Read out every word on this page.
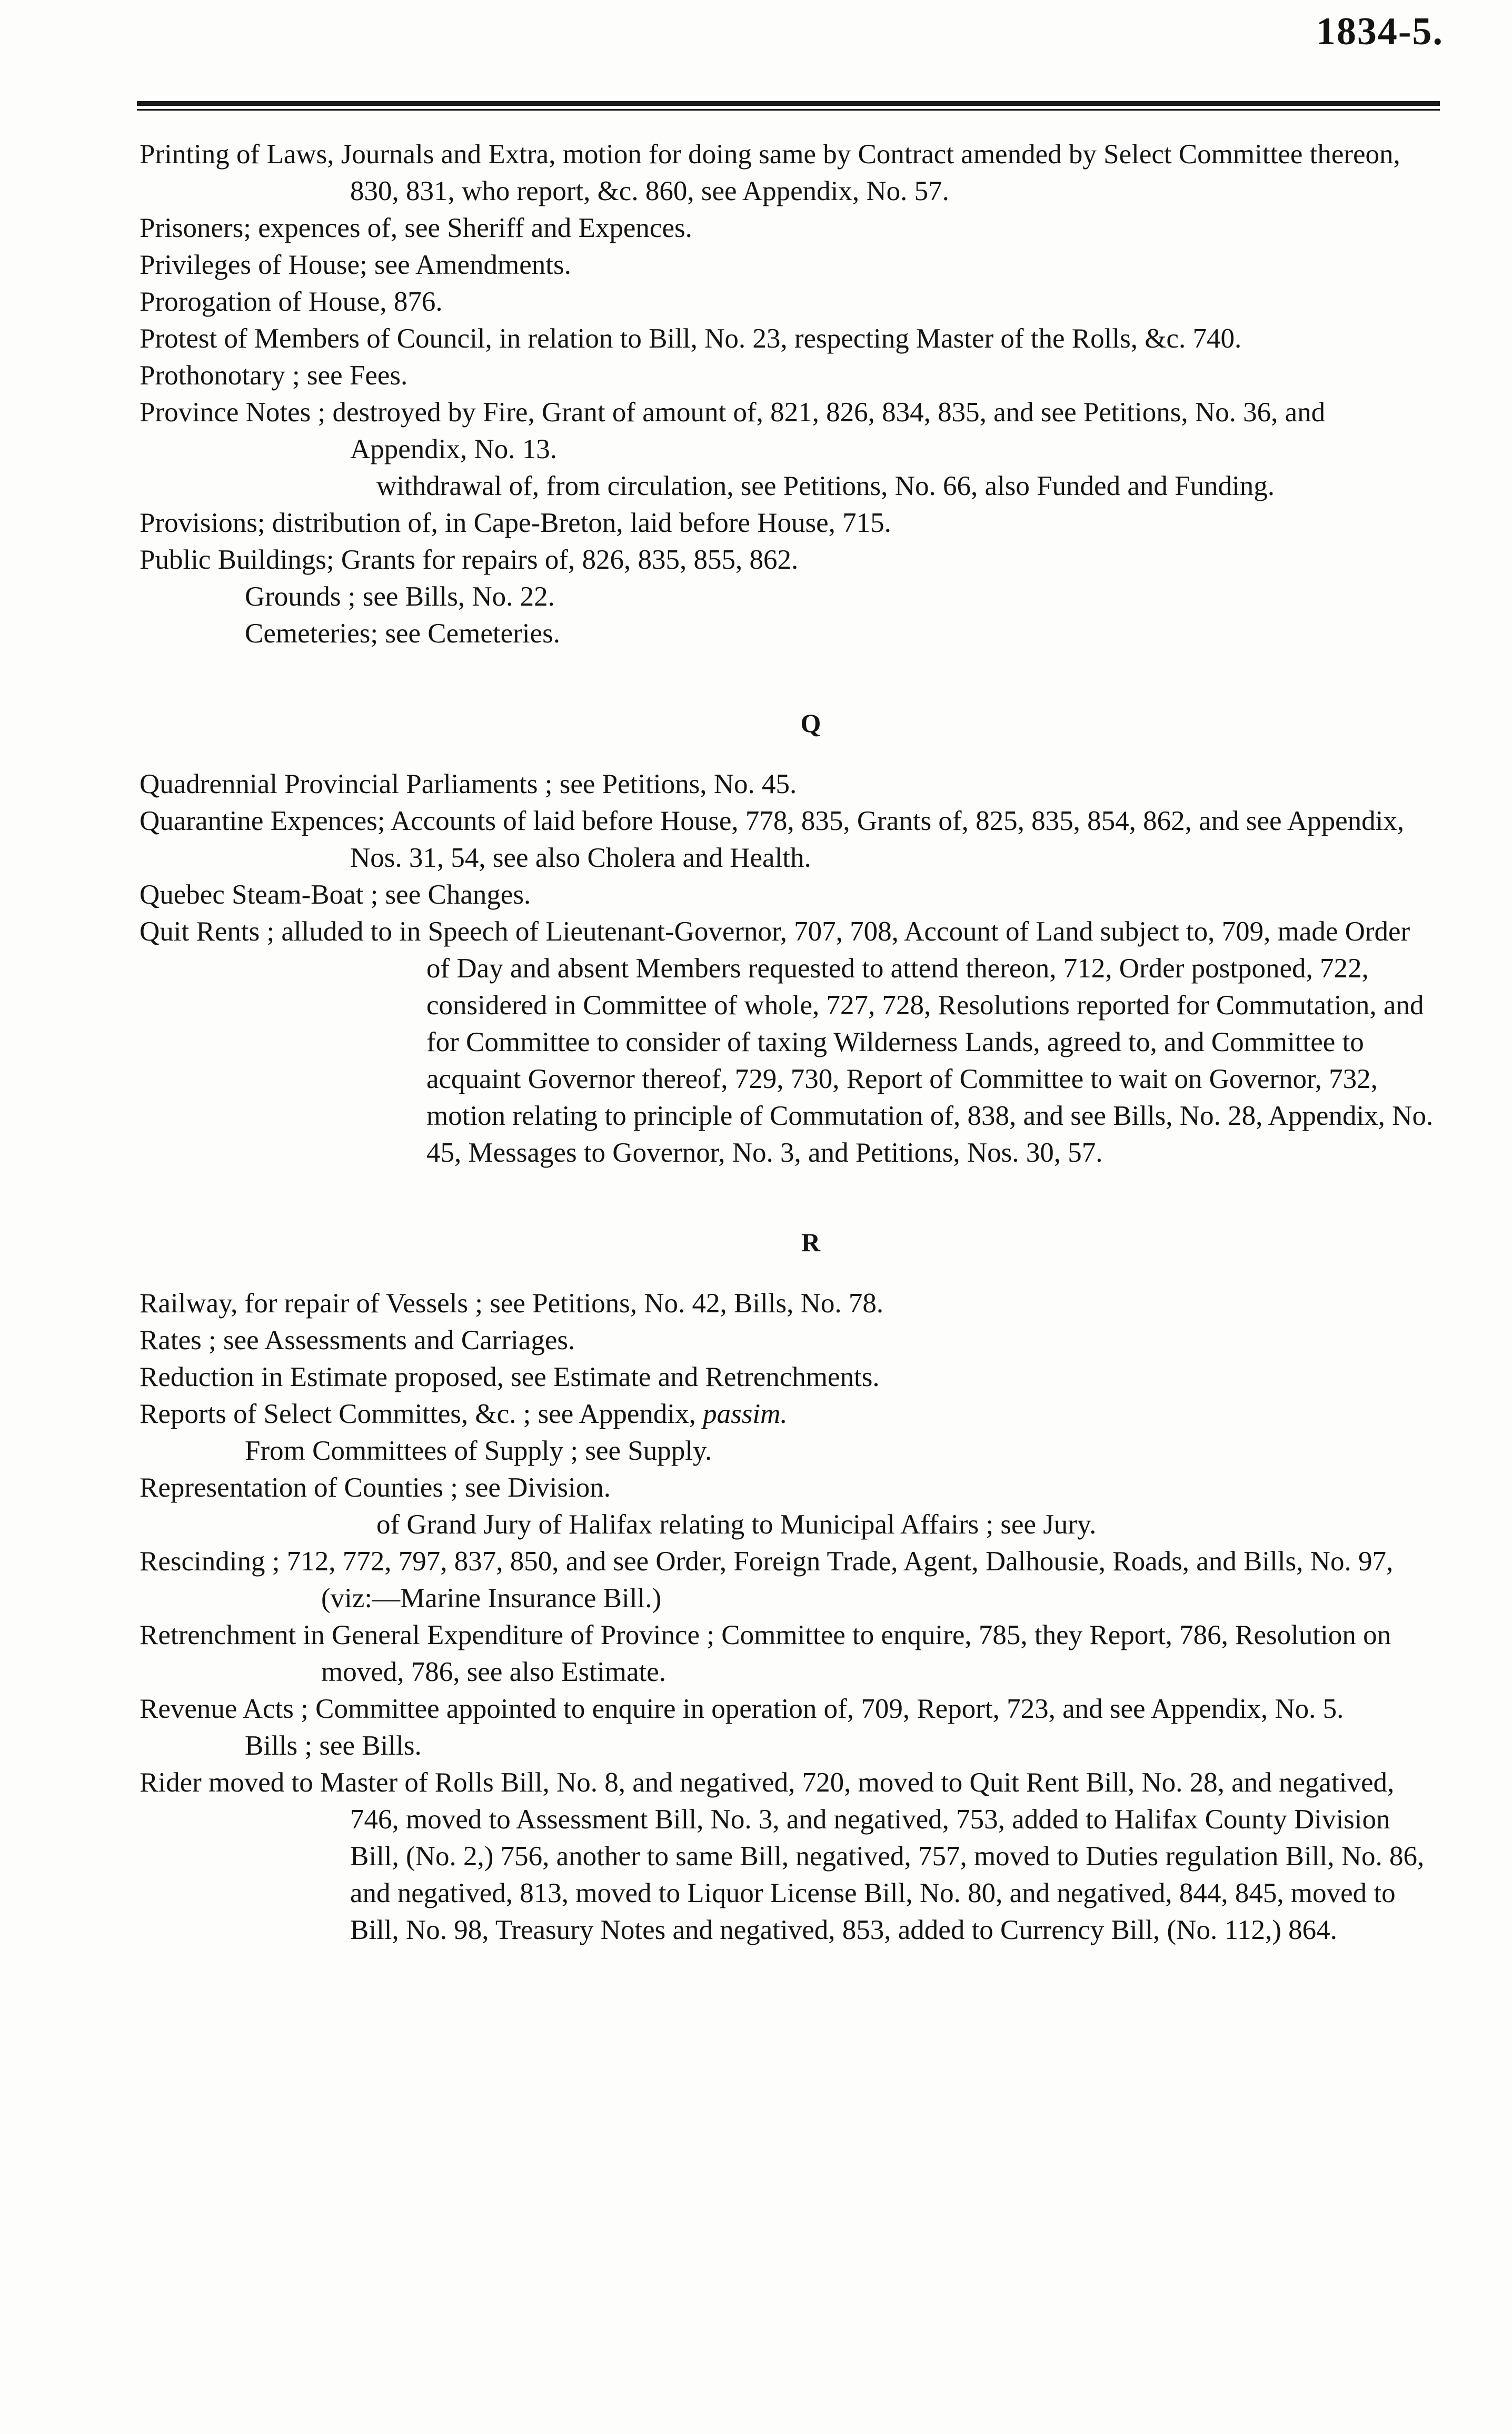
1834-5.

Printing of Laws, Journals and Extra, motion for doing same by Contract amended by Select Committee thereon, 830, 831, who report, &c. 860, see Appendix, No. 57.

Prisoners; expences of, see Sheriff and Expences.

Privileges of House; see Amendments.

Prorogation of House, 876.

Protest of Members of Council, in relation to Bill, No. 23, respecting Master of the Rolls, &c. 740.

Prothonotary ; see Fees.

Province Notes ; destroyed by Fire, Grant of amount of, 821, 826, 834, 835, and see Petitions, No. 36, and Appendix, No. 13.

withdrawal of, from circulation, see Petitions, No. 66, also Funded and Funding.

Provisions; distribution of, in Cape-Breton, laid before House, 715.

Public Buildings; Grants for repairs of, 826, 835, 855, 862.

Grounds ; see Bills, No. 22.

Cemeteries; see Cemeteries.

Q

Quadrennial Provincial Parliaments ; see Petitions, No. 45.

Quarantine Expences; Accounts of laid before House, 778, 835, Grants of, 825, 835, 854, 862, and see Appendix, Nos. 31, 54, see also Cholera and Health.

Quebec Steam-Boat ; see Changes.

Quit Rents ; alluded to in Speech of Lieutenant-Governor, 707, 708, Account of Land subject to, 709, made Order of Day and absent Members requested to attend thereon, 712, Order postponed, 722, considered in Committee of whole, 727, 728, Resolutions reported for Commutation, and for Committee to consider of taxing Wilderness Lands, agreed to, and Committee to acquaint Governor thereof, 729, 730, Report of Committee to wait on Governor, 732, motion relating to principle of Commutation of, 838, and see Bills, No. 28, Appendix, No. 45, Messages to Governor, No. 3, and Petitions, Nos. 30, 57.

R

Railway, for repair of Vessels ; see Petitions, No. 42, Bills, No. 78.

Rates ; see Assessments and Carriages.

Reduction in Estimate proposed, see Estimate and Retrenchments.

Reports of Select Committes, &c. ; see Appendix, passim.

From Committees of Supply ; see Supply.

Representation of Counties ; see Division.

of Grand Jury of Halifax relating to Municipal Affairs ; see Jury.

Rescinding ; 712, 772, 797, 837, 850, and see Order, Foreign Trade, Agent, Dalhousie, Roads, and Bills, No. 97, (viz:—Marine Insurance Bill.)

Retrenchment in General Expenditure of Province ; Committee to enquire, 785, they Report, 786, Resolution on moved, 786, see also Estimate.

Revenue Acts ; Committee appointed to enquire in operation of, 709, Report, 723, and see Appendix, No. 5.

Bills ; see Bills.

Rider moved to Master of Rolls Bill, No. 8, and negatived, 720, moved to Quit Rent Bill, No. 28, and negatived, 746, moved to Assessment Bill, No. 3, and negatived, 753, added to Halifax County Division Bill, (No. 2,) 756, another to same Bill, negatived, 757, moved to Duties regulation Bill, No. 86, and negatived, 813, moved to Liquor License Bill, No. 80, and negatived, 844, 845, moved to Bill, No. 98, Treasury Notes and negatived, 853, added to Currency Bill, (No. 112,) 864.
